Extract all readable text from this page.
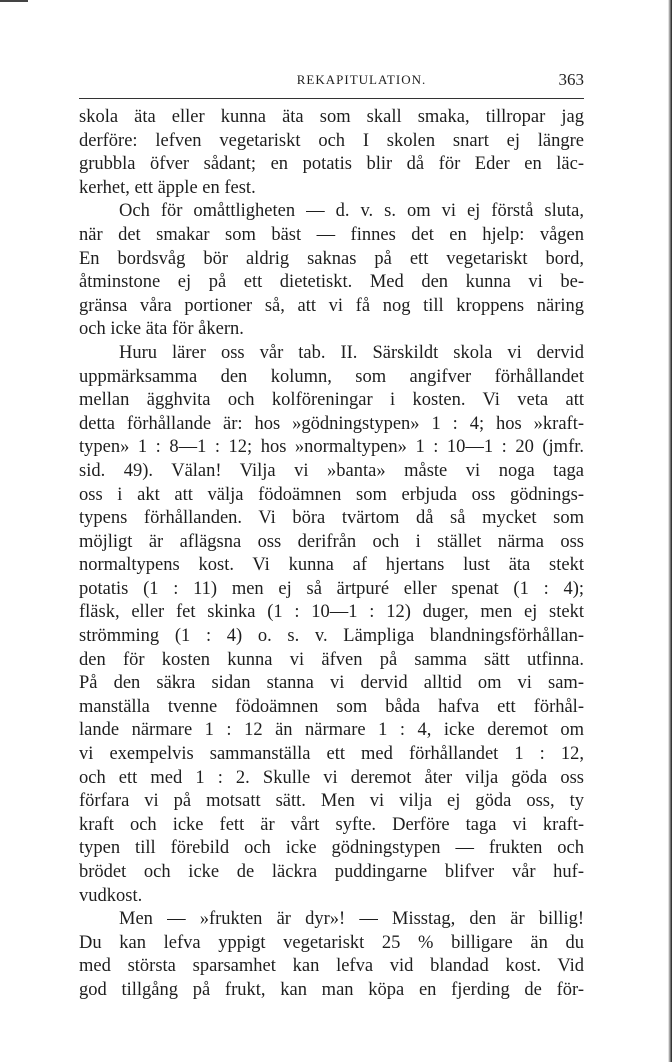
REKAPITULATION.	363
skola äta eller kunna äta som skall smaka, tillropar jag
derföre: lefven vegetariskt och I skolen snart ej längre
grubbla öfver sådant; en potatis blir då för Eder en läc-
kerhet, ett äpple en fest.
Och för omåttligheten — d. v. s. om vi ej förstå sluta,
när det smakar som bäst — finnes det en hjelp: vågen
En bordsvåg bör aldrig saknas på ett vegetariskt bord,
åtminstone ej på ett dietetiskt. Med den kunna vi be-
gränsa våra portioner så, att vi få nog till kroppens näring
och icke äta för åkern.
Huru lärer oss vår tab. II. Särskildt skola vi dervid
uppmärksamma den kolumn, som angifver förhållandet
mellan ägghvita och kolföreningar i kosten. Vi veta att
detta förhållande är: hos »gödningstypen» 1 : 4; hos »kraft-
typen» 1 : 8—1 : 12; hos »normaltypen» 1 : 10—1 : 20 (jmfr.
sid. 49). Välan! Vilja vi »banta» måste vi noga taga
oss i akt att välja födoämnen som erbjuda oss gödnings-
typens förhållanden. Vi böra tvärtom då så mycket som
möjligt är aflägsna oss derifrån och i stället närma oss
normaltypens kost. Vi kunna af hjertans lust äta stekt
potatis (1 : 11) men ej så ärtpuré eller spenat (1 : 4);
fläsk, eller fet skinka (1 : 10—1 : 12) duger, men ej stekt
strömming (1 : 4) o. s. v. Lämpliga blandningsförhållan-
den för kosten kunna vi äfven på samma sätt utfinna.
På den säkra sidan stanna vi dervid alltid om vi sam-
manställa tvenne födoämnen som båda hafva ett förhål-
lande närmare 1 : 12 än närmare 1 : 4, icke deremot om
vi exempelvis sammanställa ett med förhållandet 1 : 12,
och ett med 1 : 2. Skulle vi deremot åter vilja göda oss
förfara vi på motsatt sätt. Men vi vilja ej göda oss, ty
kraft och icke fett är vårt syfte. Derföre taga vi kraft-
typen till förebild och icke gödningstypen — frukten och
brödet och icke de läckra puddingarne blifver vår huf-
vudkost.
Men — »frukten är dyr»! — Misstag, den är billig!
Du kan lefva yppigt vegetariskt 25 % billigare än du
med största sparsamhet kan lefva vid blandad kost. Vid
god tillgång på frukt, kan man köpa en fjerding de för-
